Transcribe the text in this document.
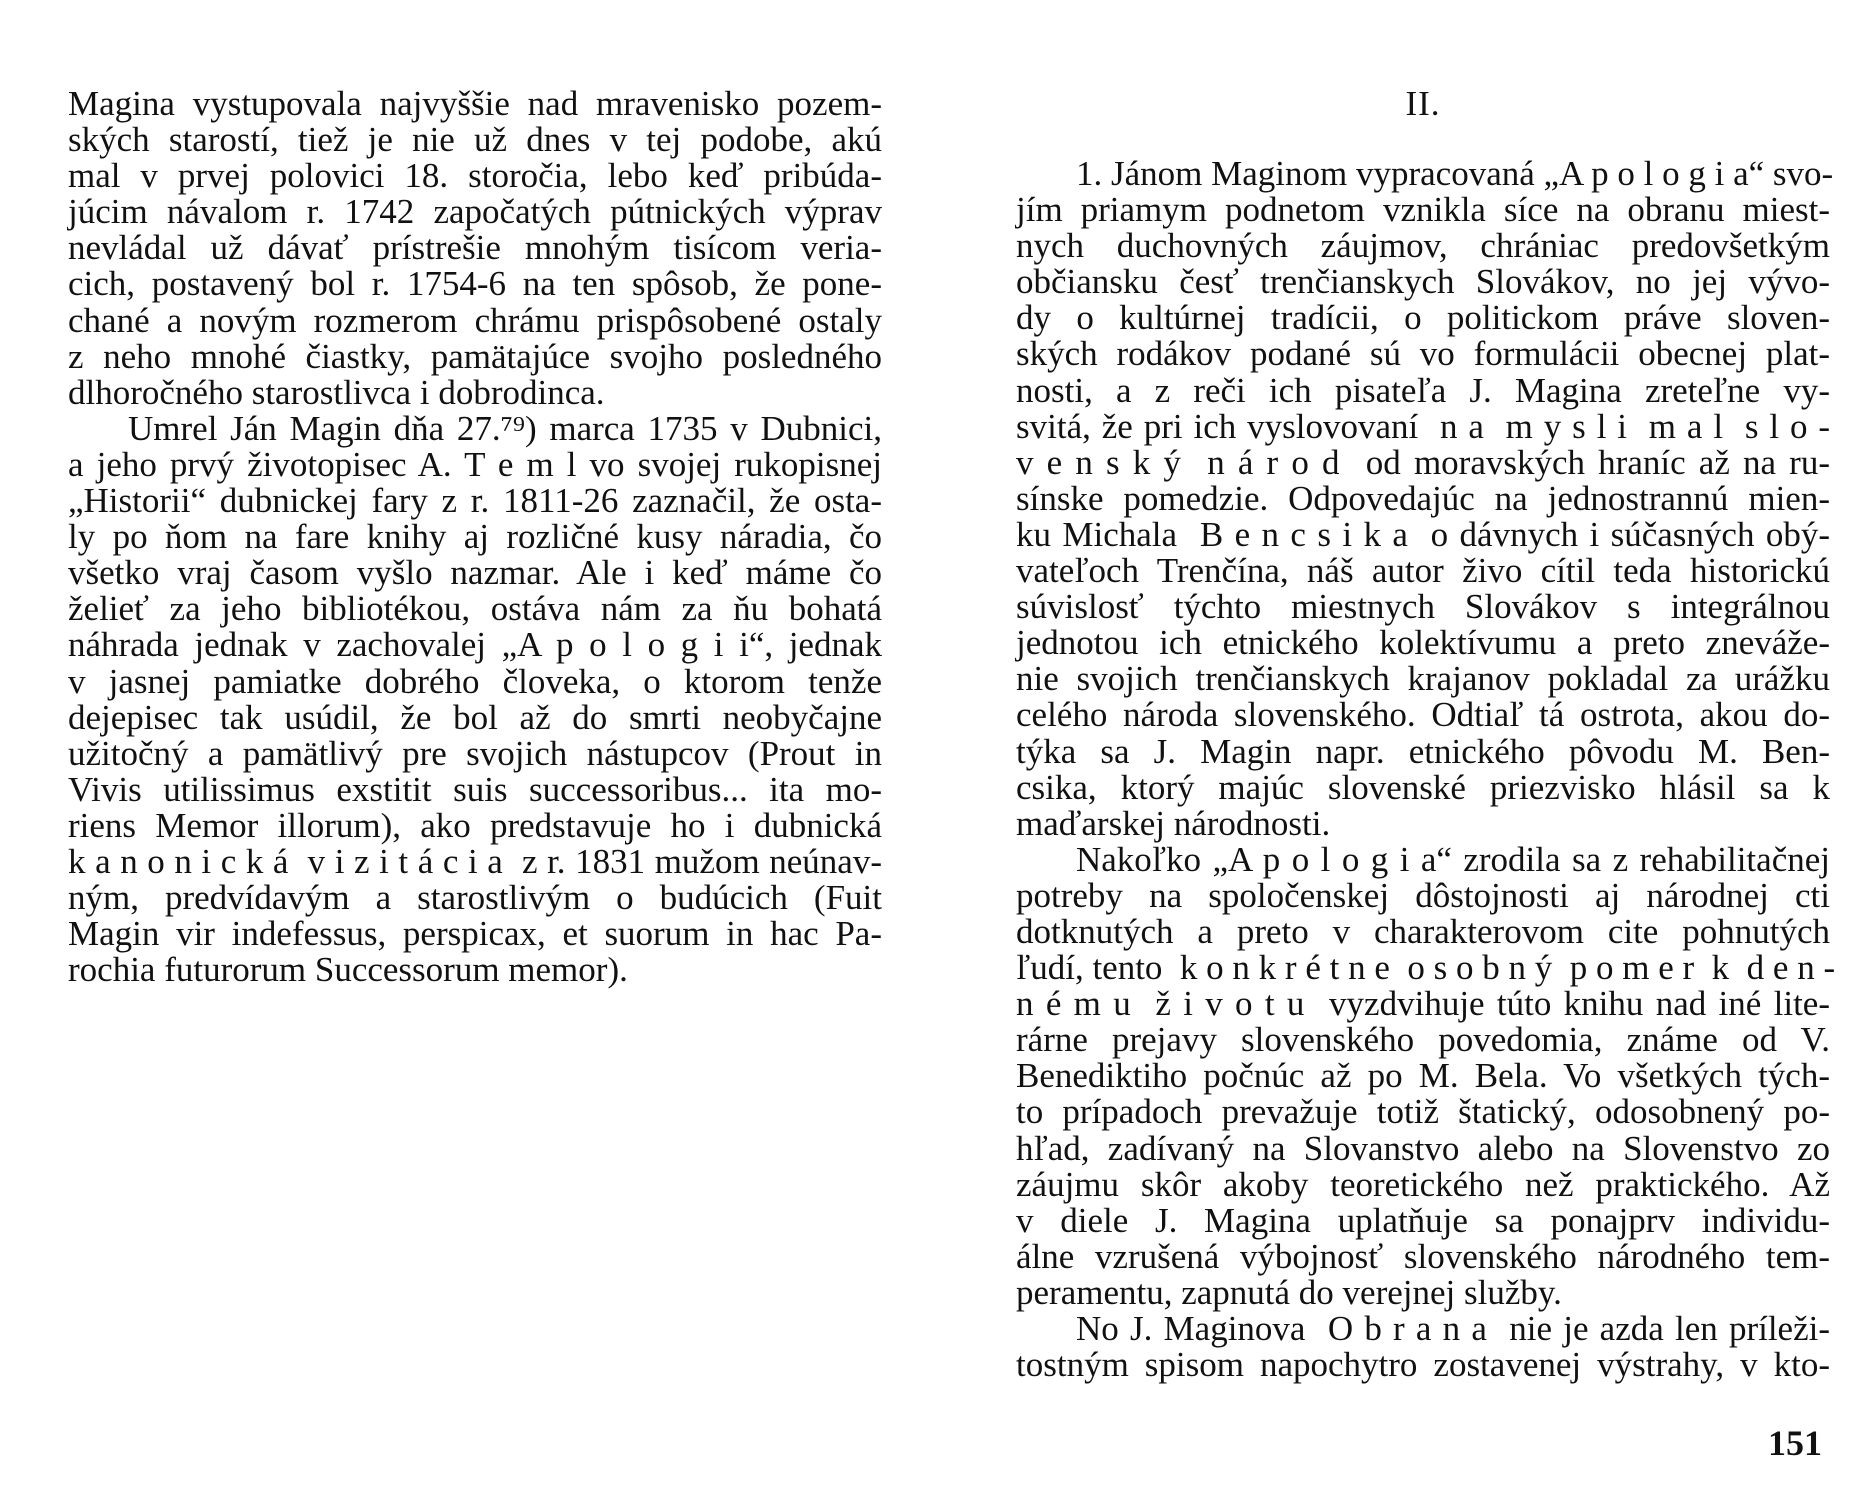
Magina vystupovala najvyššie nad mravenisko pozem-
ských starostí, tiež je nie už dnes v tej podobe, akú
mal v prvej polovici 18. storočia, lebo keď pribúda-
júcim návalom r. 1742 započatých pútnických výprav
nevládal už dávať prístrešie mnohým tisícom veria-
cich, postavený bol r. 1754-6 na ten spôsob, že pone-
chané a novým rozmerom chrámu prispôsobené ostaly
z neho mnohé čiastky, pamätajúce svojho posledného
dlhoročného starostlivca i dobrodinca.
Umrel Ján Magin dňa 27.⁷⁹) marca 1735 v Dubnici,
a jeho prvý životopisec A. T e m l vo svojej rukopisnej
„Historii“ dubnickej fary z r. 1811-26 zaznačil, že osta-
ly po ňom na fare knihy aj rozličné kusy náradia, čo
všetko vraj časom vyšlo nazmar. Ale i keď máme čo
želieť za jeho bibliotékou, ostáva nám za ňu bohatá
náhrada jednak v zachovalej „A p o l o g i i“, jednak
v jasnej pamiatke dobrého človeka, o ktorom tenže
dejepisec tak usúdil, že bol až do smrti neobyčajne
užitočný a pamätlivý pre svojich nástupcov (Prout in
Vivis utilissimus exstitit suis successoribus... ita mo-
riens Memor illorum), ako predstavuje ho i dubnická
k a n o n i c k á  v i z i t á c i a  z r. 1831 mužom neúnav-
ným, predvídavým a starostlivým o budúcich (Fuit
Magin vir indefessus, perspicax, et suorum in hac Pa-
rochia futurorum Successorum memor).
II.
1. Jánom Maginom vypracovaná „A p o l o g i a“ svo-
jím priamym podnetom vznikla síce na obranu miest-
nych duchovných záujmov, chrániac predovšetkým
občiansku česť trenčianskych Slovákov, no jej vývo-
dy o kultúrnej tradícii, o politickom práve sloven-
ských rodákov podané sú vo formulácii obecnej plat-
nosti, a z reči ich pisateľa J. Magina zreteľne vy-
svitá, že pri ich vyslovovaní  n a  m y s l i  m a l  s l o -
v e n s k ý  n á r o d  od moravských hraníc až na ru-
sínske pomedzie. Odpovedajúc na jednostrannú mien-
ku Michala  B e n c s i k a  o dávnych i súčasných obý-
vateľoch Trenčína, náš autor živo cítil teda historickú
súvislosť týchto miestnych Slovákov s integrálnou
jednotou ich etnického kolektívumu a preto zneváže-
nie svojich trenčianskych krajanov pokladal za urážku
celého národa slovenského. Odtiaľ tá ostrota, akou do-
týka sa J. Magin napr. etnického pôvodu M. Ben-
csika, ktorý majúc slovenské priezvisko hlásil sa k
maďarskej národnosti.
Nakoľko „A p o l o g i a“ zrodila sa z rehabilitačnej
potreby na spoločenskej dôstojnosti aj národnej cti
dotknutých a preto v charakterovom cite pohnutých
ľudí, tento  k o n k r é t n e  o s o b n ý  p o m e r  k  d e n -
n é m u  ž i v o t u  vyzdvihuje túto knihu nad iné lite-
rárne prejavy slovenského povedomia, známe od V.
Benediktiho počnúc až po M. Bela. Vo všetkých tých-
to prípadoch prevažuje totiž štatický, odosobnený po-
hľad, zadívaný na Slovanstvo alebo na Slovenstvo zo
záujmu skôr akoby teoretického než praktického. Až
v diele J. Magina uplatňuje sa ponajprv individu-
álne vzrušená výbojnosť slovenského národného tem-
peramentu, zapnutá do verejnej služby.
No J. Maginova  O b r a n a  nie je azda len príleži-
tostným spisom napochytro zostavenej výstrahy, v kto-
151
